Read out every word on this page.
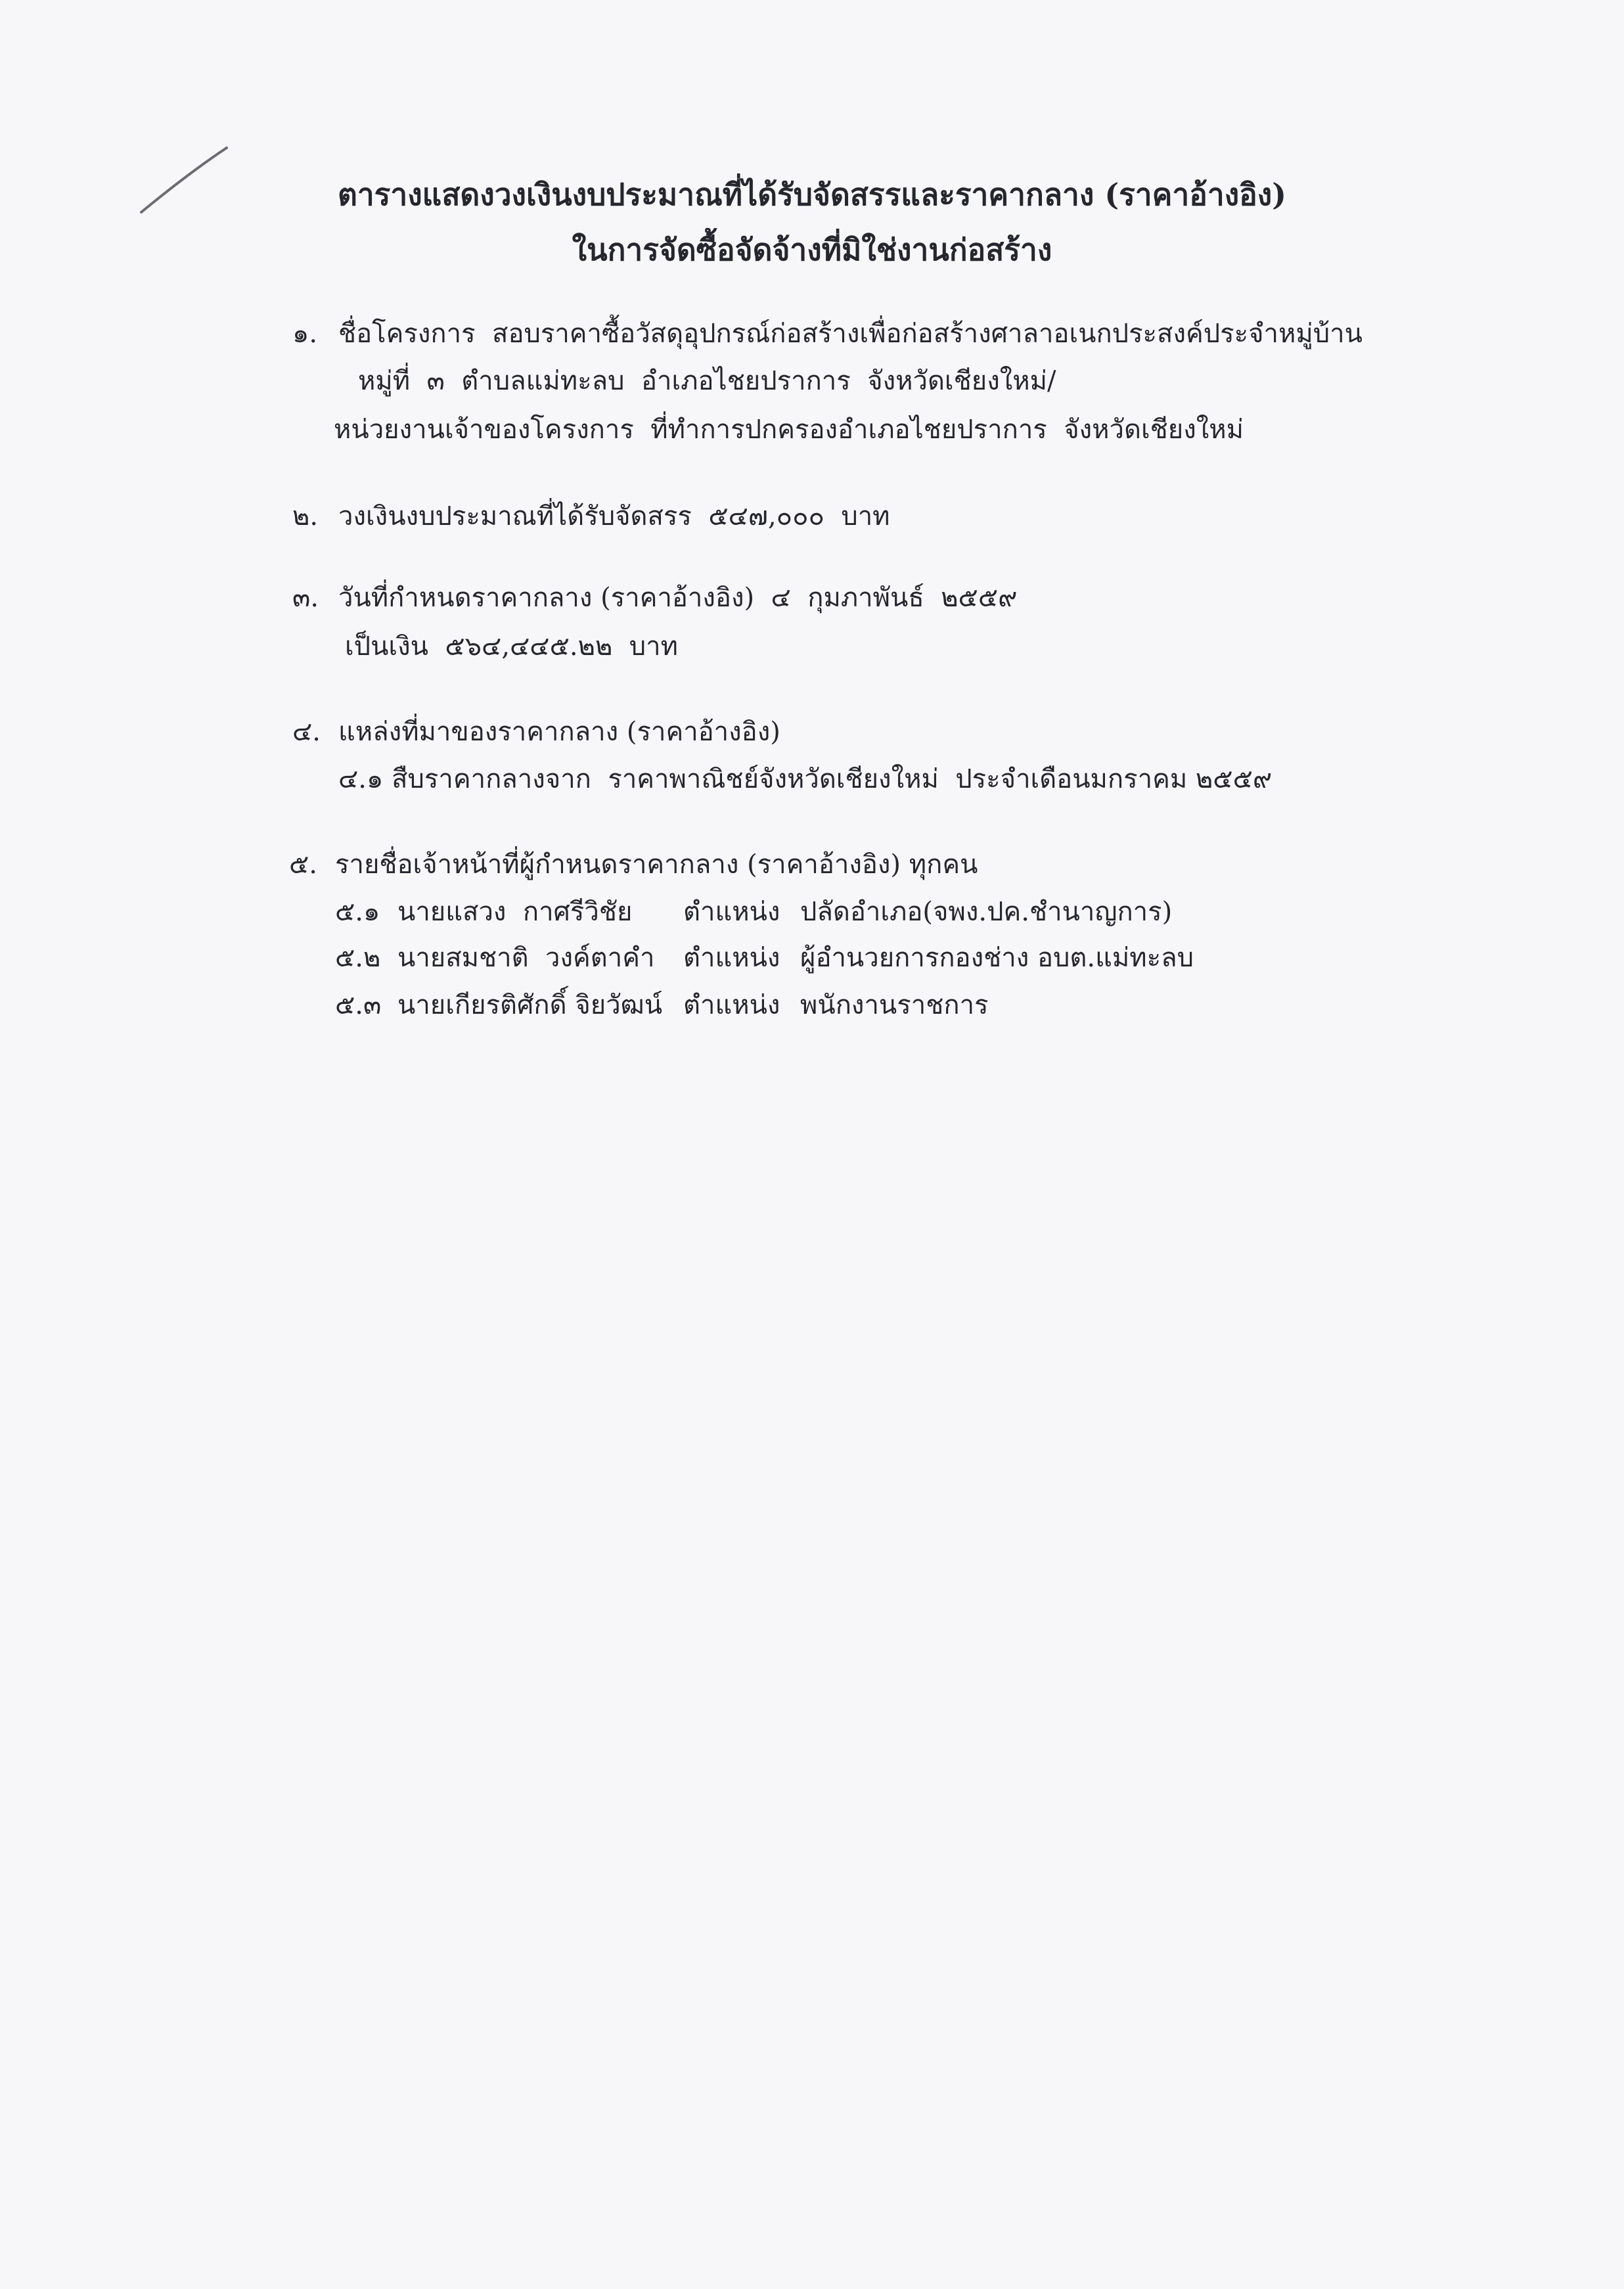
ตารางแสดงวงเงินงบประมาณที่ได้รับจัดสรรและราคากลาง (ราคาอ้างอิง)
ในการจัดซื้อจัดจ้างที่มิใช่งานก่อสร้าง
๑. ชื่อโครงการ  สอบราคาซื้อวัสดุอุปกรณ์ก่อสร้างเพื่อก่อสร้างศาลาอเนกประสงค์ประจำหมู่บ้าน
หมู่ที่  ๓  ตำบลแม่ทะลบ  อำเภอไชยปราการ  จังหวัดเชียงใหม่/
หน่วยงานเจ้าของโครงการ  ที่ทำการปกครองอำเภอไชยปราการ  จังหวัดเชียงใหม่
๒. วงเงินงบประมาณที่ได้รับจัดสรร  ๕๔๗,๐๐๐  บาท
๓. วันที่กำหนดราคากลาง (ราคาอ้างอิง)  ๔  กุมภาพันธ์  ๒๕๕๙
เป็นเงิน  ๕๖๔,๔๔๕.๒๒  บาท
๔. แหล่งที่มาของราคากลาง (ราคาอ้างอิง)
๔.๑ สืบราคากลางจาก  ราคาพาณิชย์จังหวัดเชียงใหม่  ประจำเดือนมกราคม ๒๕๕๙
๕. รายชื่อเจ้าหน้าที่ผู้กำหนดราคากลาง (ราคาอ้างอิง) ทุกคน
๕.๑ นายแสวง  กาศรีวิชัย ตำแหน่ง ปลัดอำเภอ(จพง.ปค.ชำนาญการ)
๕.๒ นายสมชาติ  วงค์ตาคำ ตำแหน่ง ผู้อำนวยการกองช่าง อบต.แม่ทะลบ
๕.๓ นายเกียรติศักดิ์ จิยวัฒน์ ตำแหน่ง พนักงานราชการ
